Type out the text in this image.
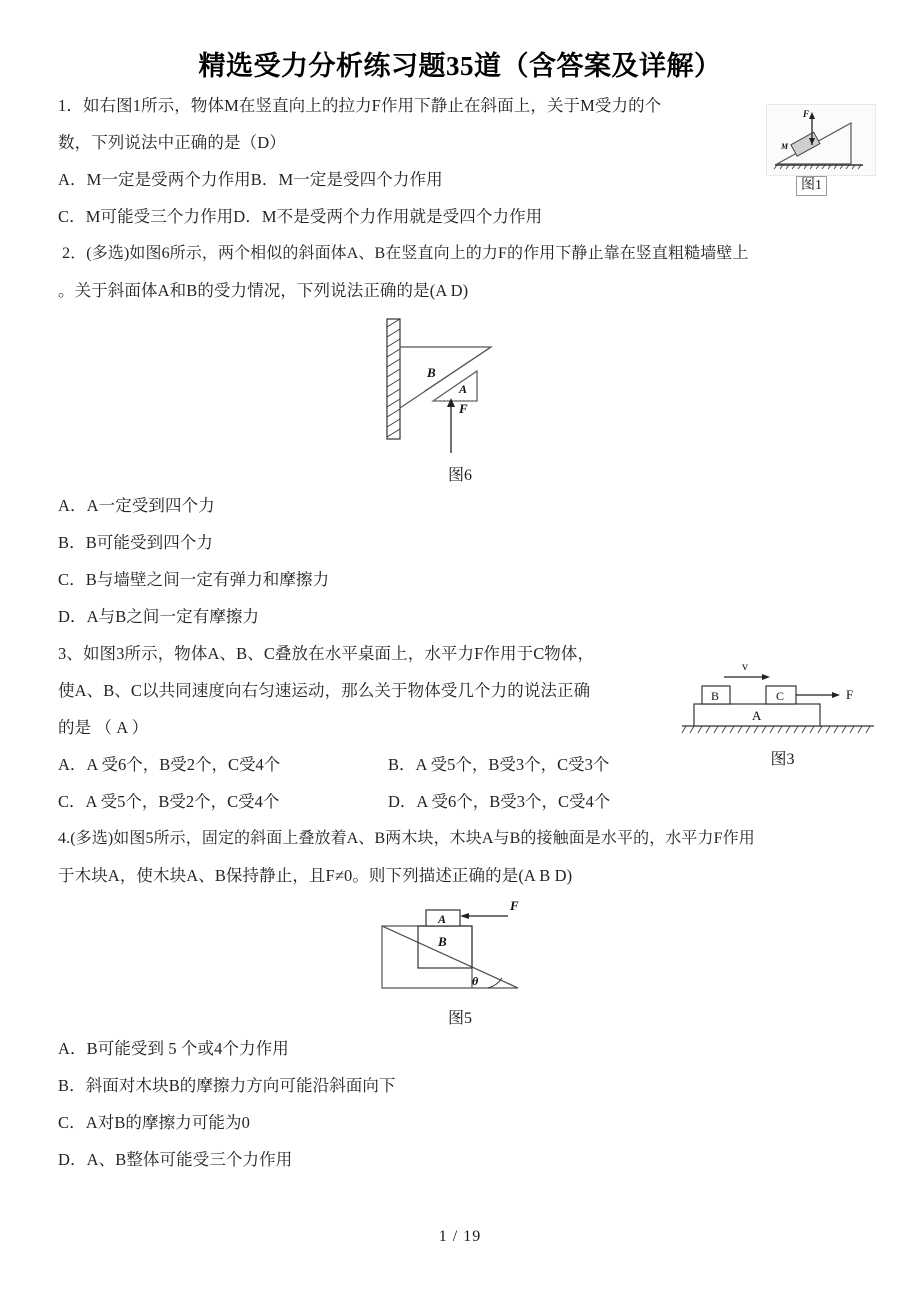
精选受力分析练习题35道（含答案及详解）
F
M
图1
1．如右图1所示，物体M在竖直向上的拉力F作用下静止在斜面上，关于M受力的个
数，下列说法中正确的是（D）
A．M一定是受两个力作用B．M一定是受四个力作用
C．M可能受三个力作用D．M不是受两个力作用就是受四个力作用
2．(多选)如图6所示，两个相似的斜面体A、B在竖直向上的力F的作用下静止靠在竖直粗糙墙壁上
。关于斜面体A和B的受力情况，下列说法正确的是(A D)
B
A
F
图6
A．A一定受到四个力
B．B可能受到四个力
C．B与墙壁之间一定有弹力和摩擦力
D．A与B之间一定有摩擦力
A
B	C
v
F
图3
3、如图3所示，物体A、B、C叠放在水平桌面上，水平力F作用于C物体，
使A、B、C以共同速度向右匀速运动，那么关于物体受几个力的说法正确
的是 （ A ）
A．A 受6个，B受2个，C受4个	B．A 受5个，B受3个，C受3个
C．A 受5个，B受2个，C受4个	D．A 受6个，B受3个，C受4个
4.(多选)如图5所示，固定的斜面上叠放着A、B两木块，木块A与B的接触面是水平的，水平力F作用
于木块A，使木块A、B保持静止，且F≠0。则下列描述正确的是(A B D)
B
A
F
θ
图5
A．B可能受到 5 个或4个力作用
B．斜面对木块B的摩擦力方向可能沿斜面向下
C．A对B的摩擦力可能为0
D．A、B整体可能受三个力作用
1 / 19
